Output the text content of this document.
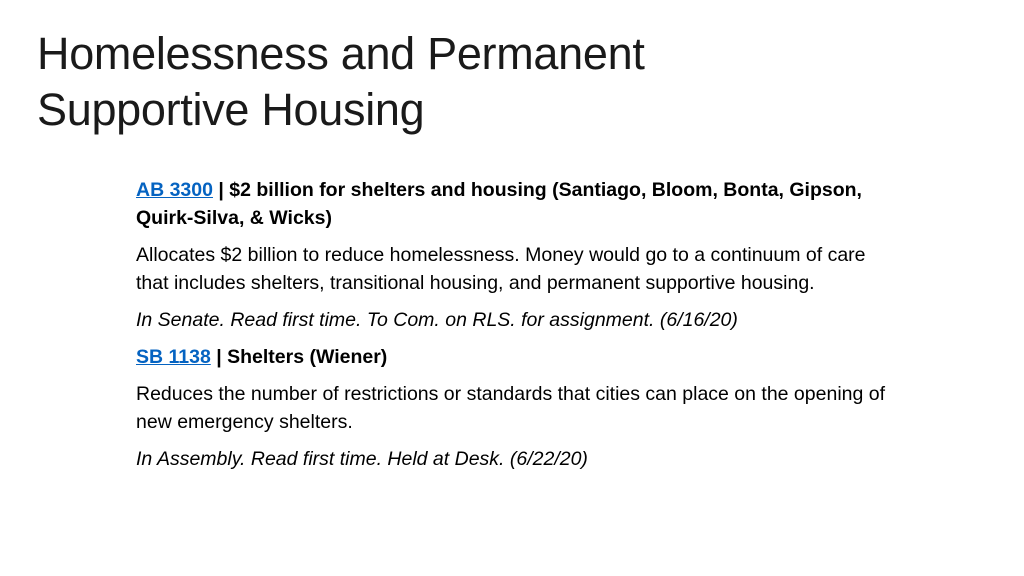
Homelessness and Permanent
Supportive Housing

AB 3300 | $2 billion for shelters and housing (Santiago, Bloom, Bonta, Gipson, Quirk-Silva, & Wicks)

Allocates $2 billion to reduce homelessness. Money would go to a continuum of care that includes shelters, transitional housing, and permanent supportive housing.

In Senate. Read first time. To Com. on RLS. for assignment. (6/16/20)

SB 1138 | Shelters (Wiener)

Reduces the number of restrictions or standards that cities can place on the opening of new emergency shelters.

In Assembly. Read first time. Held at Desk. (6/22/20)
